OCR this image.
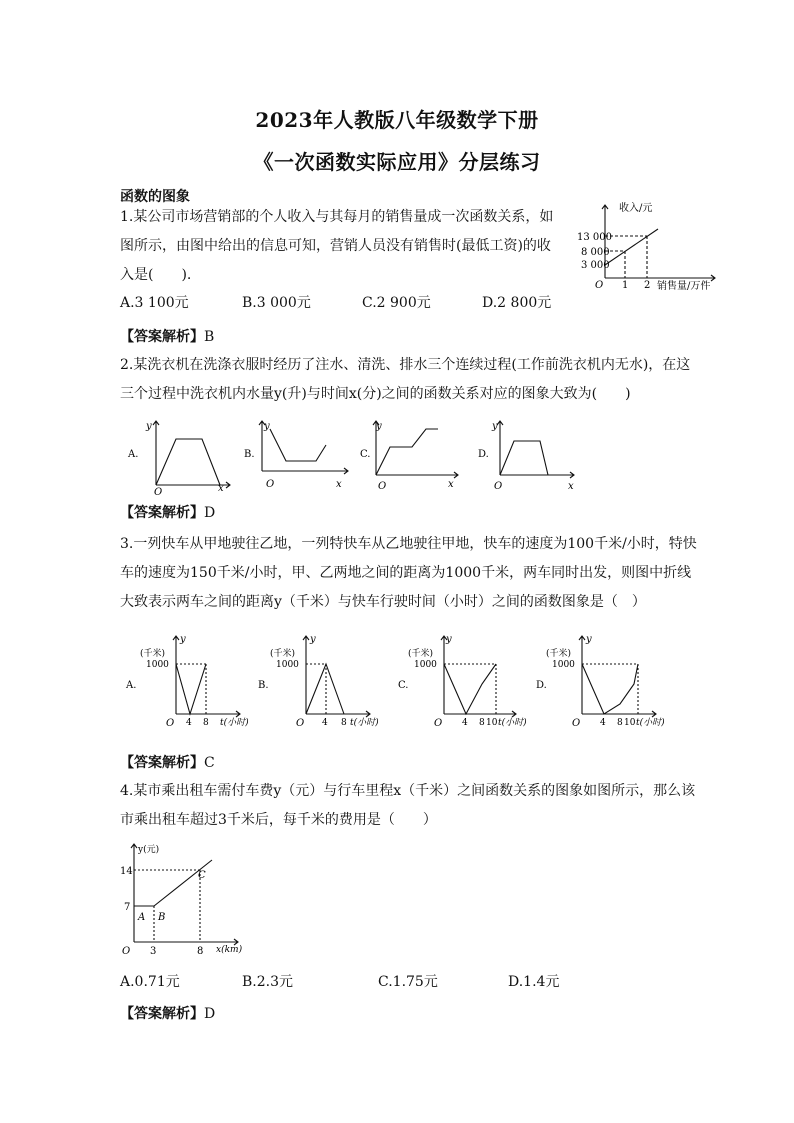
2023年人教版八年级数学下册
《一次函数实际应用》分层练习
函数的图象
1.某公司市场营销部的个人收入与其每月的销售量成一次函数关系，如
图所示，由图中给出的信息可知，营销人员没有销售时(最低工资)的收
入是(　　).
收入/元
销售量/万件
O
13 000
8 000
3 000
1 2
A.3 100元	B.3 000元	C.2 900元	D.2 800元
【答案解析】B
2.某洗衣机在洗涤衣服时经历了注水、清洗、排水三个连续过程(工作前洗衣机内无水)，在这
三个过程中洗衣机内水量y(升)与时间x(分)之间的函数关系对应的图象大致为(　　)
A.
y
x
O
B.
y
x
O
C.
y
x
O
D.
y
x
O
【答案解析】D
3.一列快车从甲地驶往乙地，一列特快车从乙地驶往甲地，快车的速度为100千米/小时，特快
车的速度为150千米/小时，甲、乙两地之间的距离为1000千米，两车同时出发，则图中折线
大致表示两车之间的距离y（千米）与快车行驶时间（小时）之间的函数图象是（　）
A.
y
(千米)
1000
O 4 8 t(小时)
B.
y
(千米)
1000
O 4 8 t(小时)
C.
y
(千米)
1000
O 4 8 10 t(小时)
D.
y
(千米)
1000
O 4 8 10 t(小时)
【答案解析】C
4.某市乘出租车需付车费y（元）与行车里程x（千米）之间函数关系的图象如图所示，那么该
市乘出租车超过3千米后，每千米的费用是（　　）
y(元)
x(km)
O
14
7
3	8
A B
C
A.0.71元	B.2.3元	C.1.75元	D.1.4元
【答案解析】D
